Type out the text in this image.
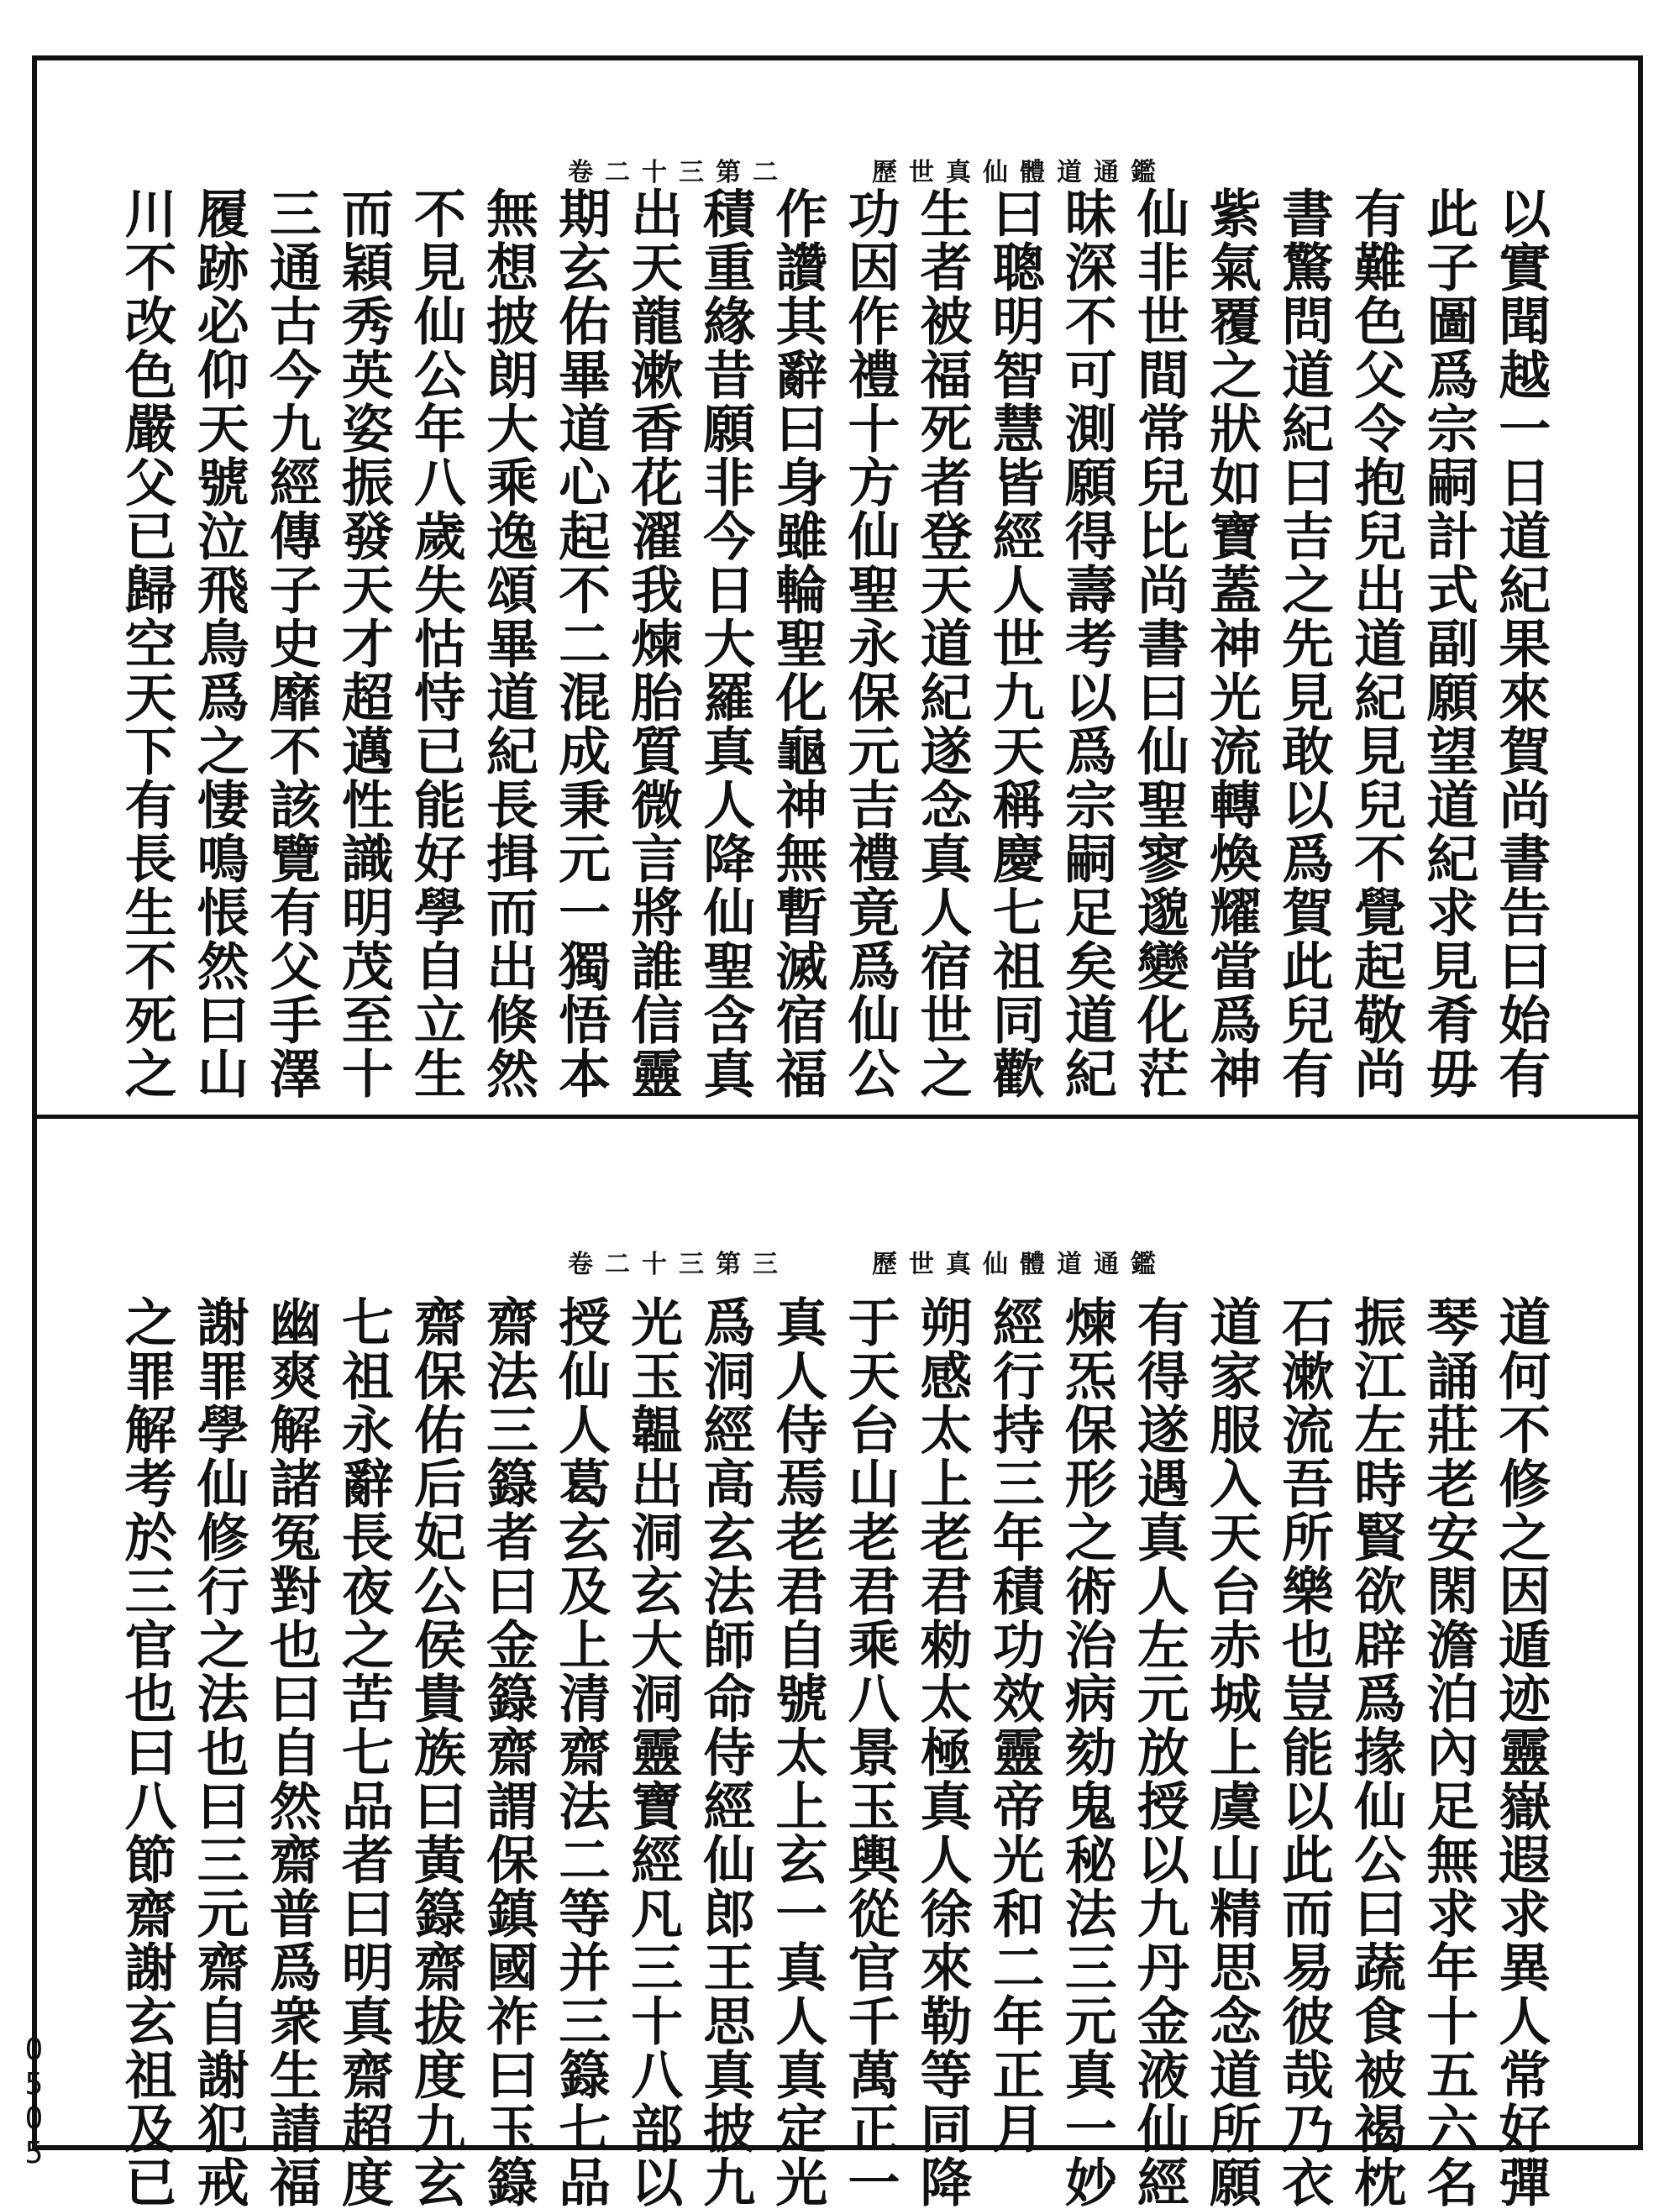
歷世真仙體道通鑑
卷二十三第二
以實聞越一日道紀果來賀尚書告曰始有
此子圖爲宗嗣計式副願望道紀求見肴毋
有難色父令抱兒出道紀見兒不覺起敬尚
書驚問道紀曰吉之先見敢以爲賀此兒有
紫氣覆之狀如寶蓋神光流轉煥耀當爲神
仙非世間常兒比尚書曰仙聖寥邈變化茫
昧深不可測願得壽考以爲宗嗣足矣道紀
曰聰明智慧皆經人世九天稱慶七祖同歡
生者被福死者登天道紀遂念真人宿世之
功因作禮十方仙聖永保元吉禮竟爲仙公
作讚其辭曰身雖輪聖化龜神無暫滅宿福
積重緣昔願非今日大羅真人降仙聖含真
出天龍漱香花濯我煉胎質微言將誰信靈
期玄佑畢道心起不二混成秉元一獨悟本
無想披朗大乘逸頌畢道紀長揖而出倏然
不見仙公年八歲失怙恃已能好學自立生
而穎秀英姿振發天才超邁性識明茂至十
三通古今九經傳子史靡不該覽有父手澤
履跡必仰天號泣飛鳥爲之悽鳴悵然曰山
川不改色嚴父已歸空天下有長生不死之
歷世真仙體道通鑑
卷二十三第三
道何不修之因遁迹靈嶽遐求異人常好彈
琴誦莊老安閑澹泊內足無求年十五六名
振江左時賢欲辟爲掾仙公曰蔬食被褐枕
石漱流吾所樂也豈能以此而易彼哉乃衣
道家服入天台赤城上虞山精思念道所願
有得遂遇真人左元放授以九丹金液仙經
煉炁保形之術治病劾鬼秘法三元真一妙
經行持三年積功效靈帝光和二年正月
朔感太上老君勑太極真人徐來勒等同降
于天台山老君乘八景玉輿從官千萬正一
真人侍焉老君自號太上玄一真人真定光
爲洞經高玄法師命侍經仙郎王思真披九
光玉韞出洞玄大洞靈寶經凡三十八部以
授仙人葛玄及上清齋法二等并三籙七品
齋法三籙者曰金籙齋謂保鎮國祚曰玉籙
齋保佑后妃公侯貴族曰黃籙齋拔度九玄
七祖永辭長夜之苦七品者曰明真齋超度
幽爽解諸冤對也曰自然齋普爲衆生請福
謝罪學仙修行之法也曰三元齋自謝犯戒
之罪解考於三官也曰八節齋謝玄祖及已
0505
